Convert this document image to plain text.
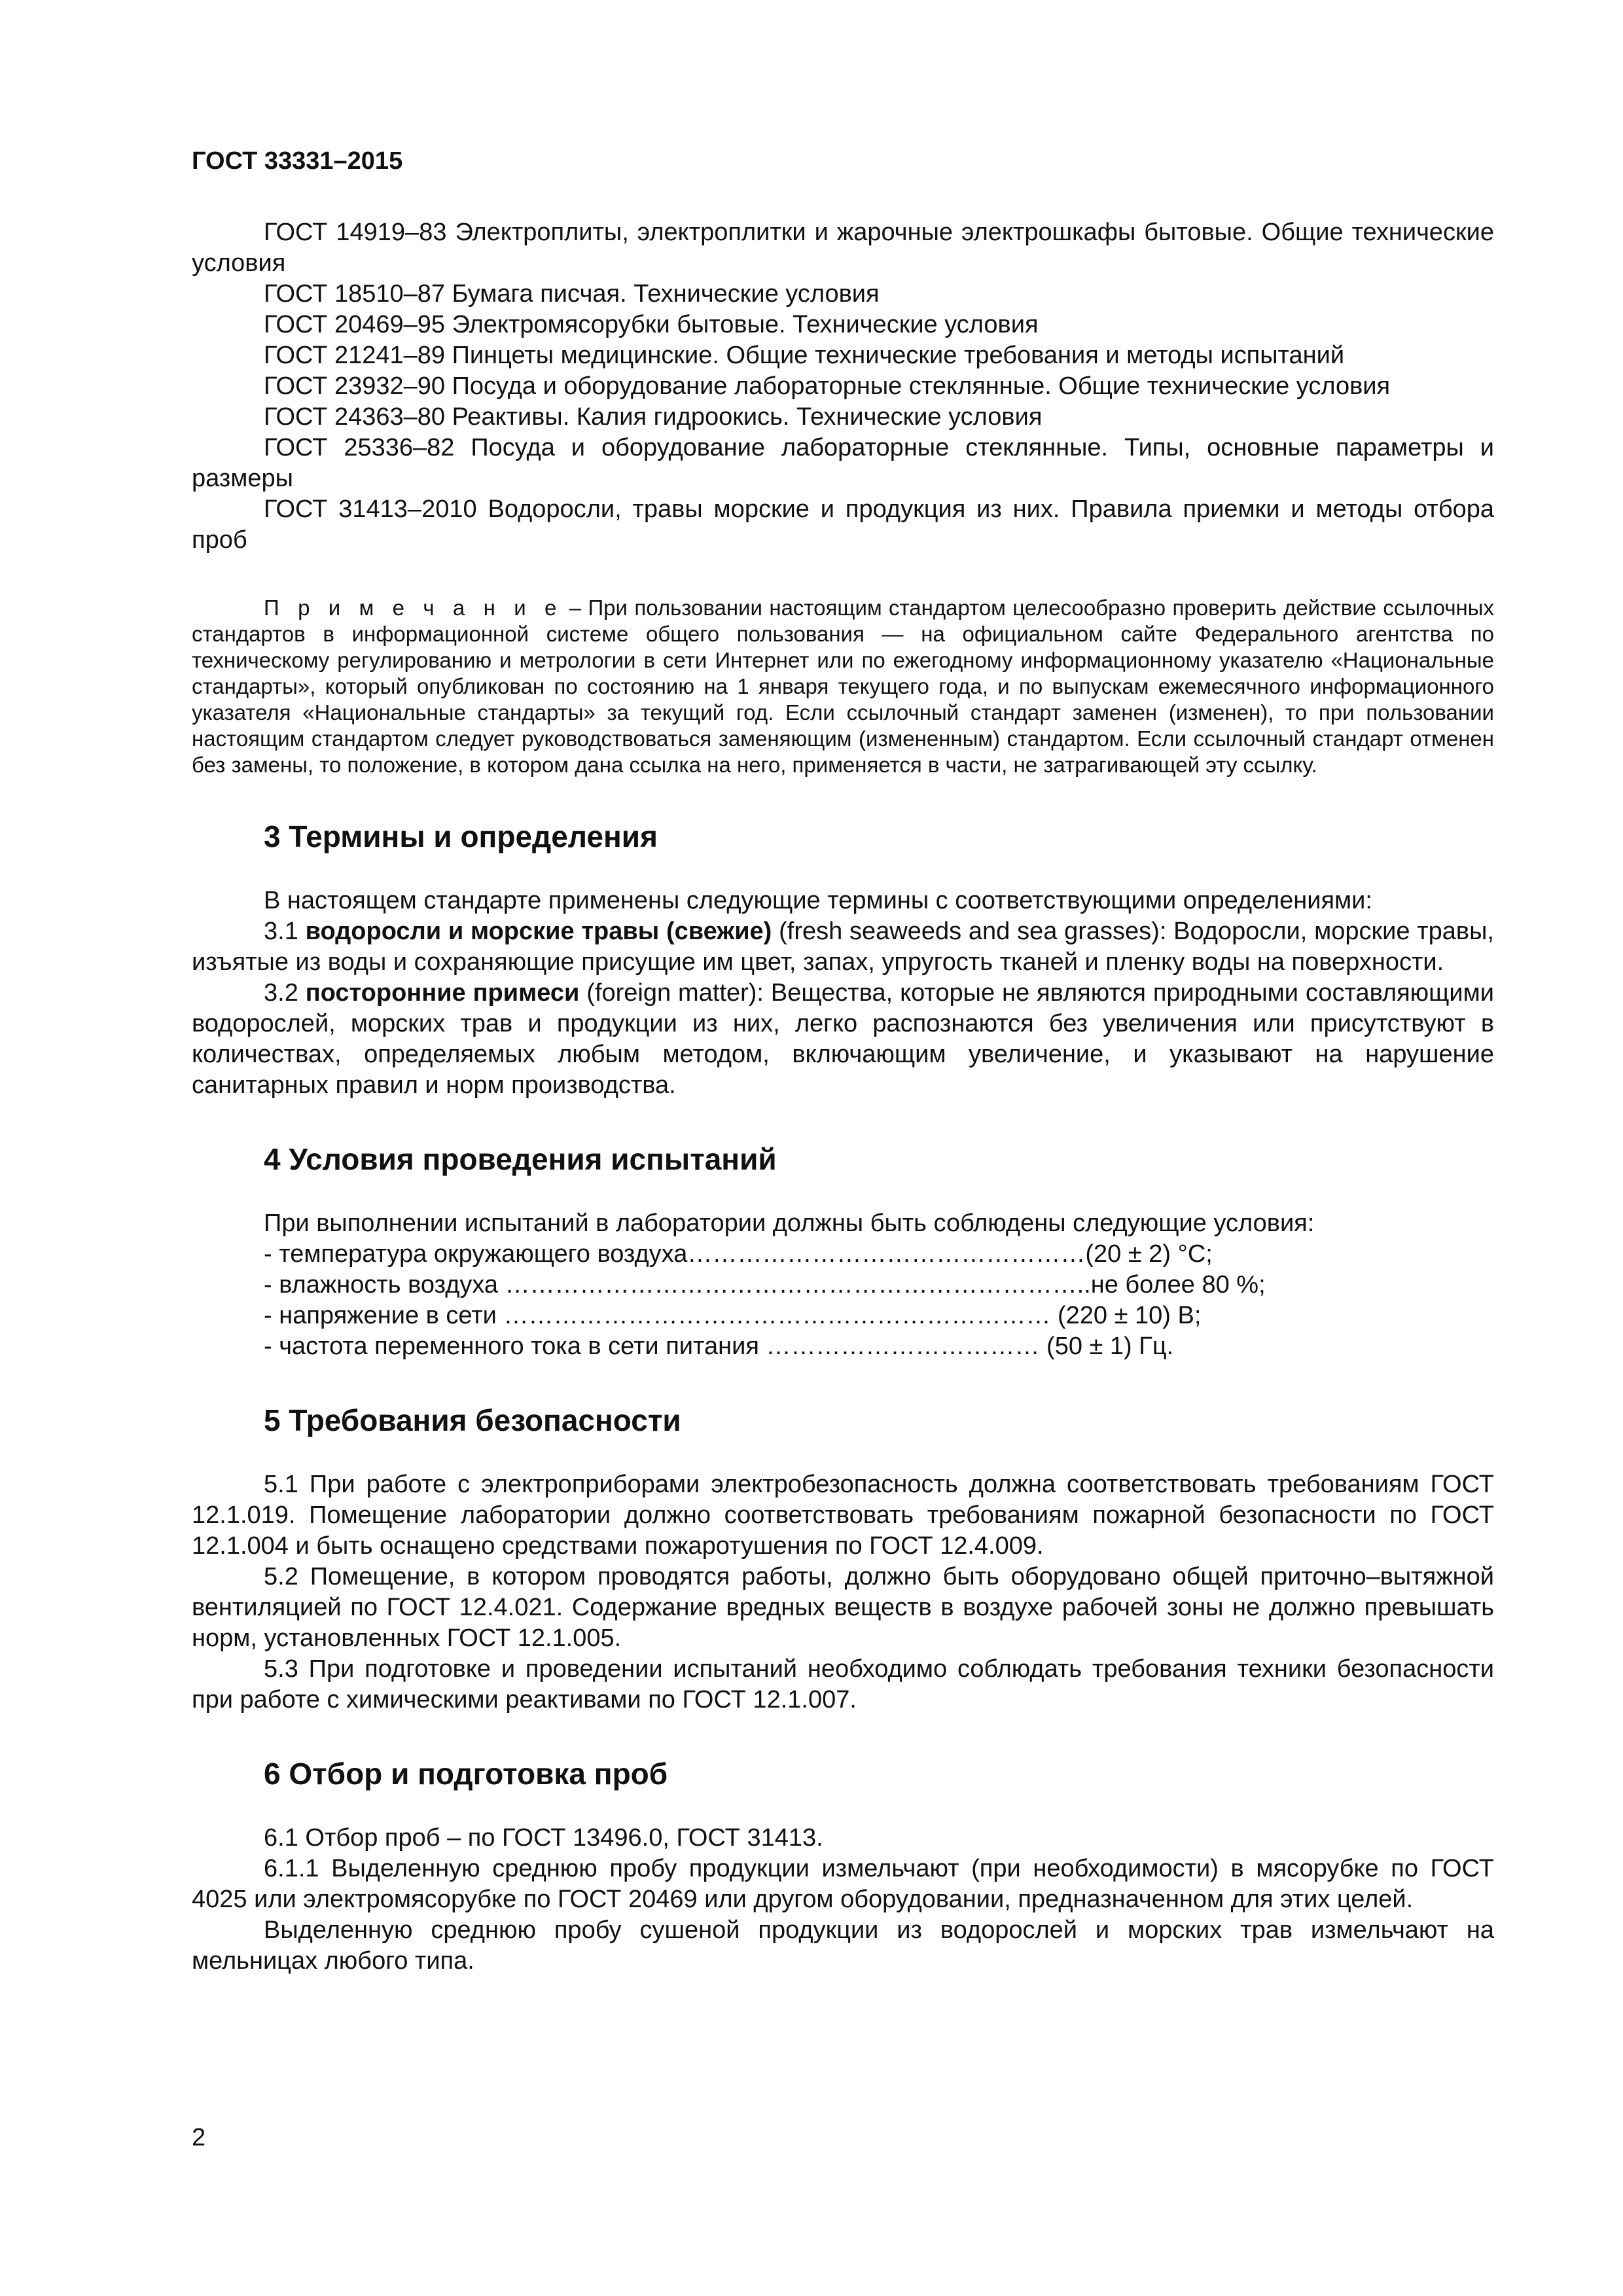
ГОСТ 33331–2015

ГОСТ 14919–83 Электроплиты, электроплитки и жарочные электрошкафы бытовые. Общие технические условия

ГОСТ 18510–87 Бумага писчая. Технические условия

ГОСТ 20469–95 Электромясорубки бытовые. Технические условия

ГОСТ 21241–89 Пинцеты медицинские. Общие технические требования и методы испытаний

ГОСТ 23932–90 Посуда и оборудование лабораторные стеклянные. Общие технические условия

ГОСТ 24363–80 Реактивы. Калия гидроокись. Технические условия

ГОСТ 25336–82 Посуда и оборудование лабораторные стеклянные. Типы, основные параметры и размеры

ГОСТ 31413–2010 Водоросли, травы морские и продукция из них. Правила приемки и методы отбора проб

П р и м е ч а н и е – При пользовании настоящим стандартом целесообразно проверить действие ссылочных стандартов в информационной системе общего пользования — на официальном сайте Федерального агентства по техническому регулированию и метрологии в сети Интернет или по ежегодному информационному указателю «Национальные стандарты», который опубликован по состоянию на 1 января текущего года, и по выпускам ежемесячного информационного указателя «Национальные стандарты» за текущий год. Если ссылочный стандарт заменен (изменен), то при пользовании настоящим стандартом следует руководствоваться заменяющим (измененным) стандартом. Если ссылочный стандарт отменен без замены, то положение, в котором дана ссылка на него, применяется в части, не затрагивающей эту ссылку.

3 Термины и определения

В настоящем стандарте применены следующие термины с соответствующими определениями:

3.1 водоросли и морские травы (свежие) (fresh seaweeds and sea grasses): Водоросли, морские травы, изъятые из воды и сохраняющие присущие им цвет, запах, упругость тканей и пленку воды на поверхности.

3.2 посторонние примеси (foreign matter): Вещества, которые не являются природными составляющими водорослей, морских трав и продукции из них, легко распознаются без увеличения или присутствуют в количествах, определяемых любым методом, включающим увеличение, и указывают на нарушение санитарных правил и норм производства.

4 Условия проведения испытаний
При выполнении испытаний в лаборатории должны быть соблюдены следующие условия:
- температура окружающего воздуха…………………………………………(20 ± 2) °С;
- влажность воздуха ……………………………………………………………..не более 80 %;
- напряжение в сети ………………………………………………………… (220 ± 10) В;
- частота переменного тока в сети питания …………………………… (50 ± 1) Гц.
5 Требования безопасности

5.1 При работе с электроприборами электробезопасность должна соответствовать требованиям ГОСТ 12.1.019. Помещение лаборатории должно соответствовать требованиям пожарной безопасности по ГОСТ 12.1.004 и быть оснащено средствами пожаротушения по ГОСТ 12.4.009.

5.2 Помещение, в котором проводятся работы, должно быть оборудовано общей приточно–вытяжной вентиляцией по ГОСТ 12.4.021. Содержание вредных веществ в воздухе рабочей зоны не должно превышать норм, установленных ГОСТ 12.1.005.

5.3 При подготовке и проведении испытаний необходимо соблюдать требования техники безопасности при работе с химическими реактивами по ГОСТ 12.1.007.

6 Отбор и подготовка проб

6.1 Отбор проб – по ГОСТ 13496.0, ГОСТ 31413.

6.1.1 Выделенную среднюю пробу продукции измельчают (при необходимости) в мясорубке по ГОСТ 4025 или электромясорубке по ГОСТ 20469 или другом оборудовании, предназначенном для этих целей.

Выделенную среднюю пробу сушеной продукции из водорослей и морских трав измельчают на мельницах любого типа.

2
